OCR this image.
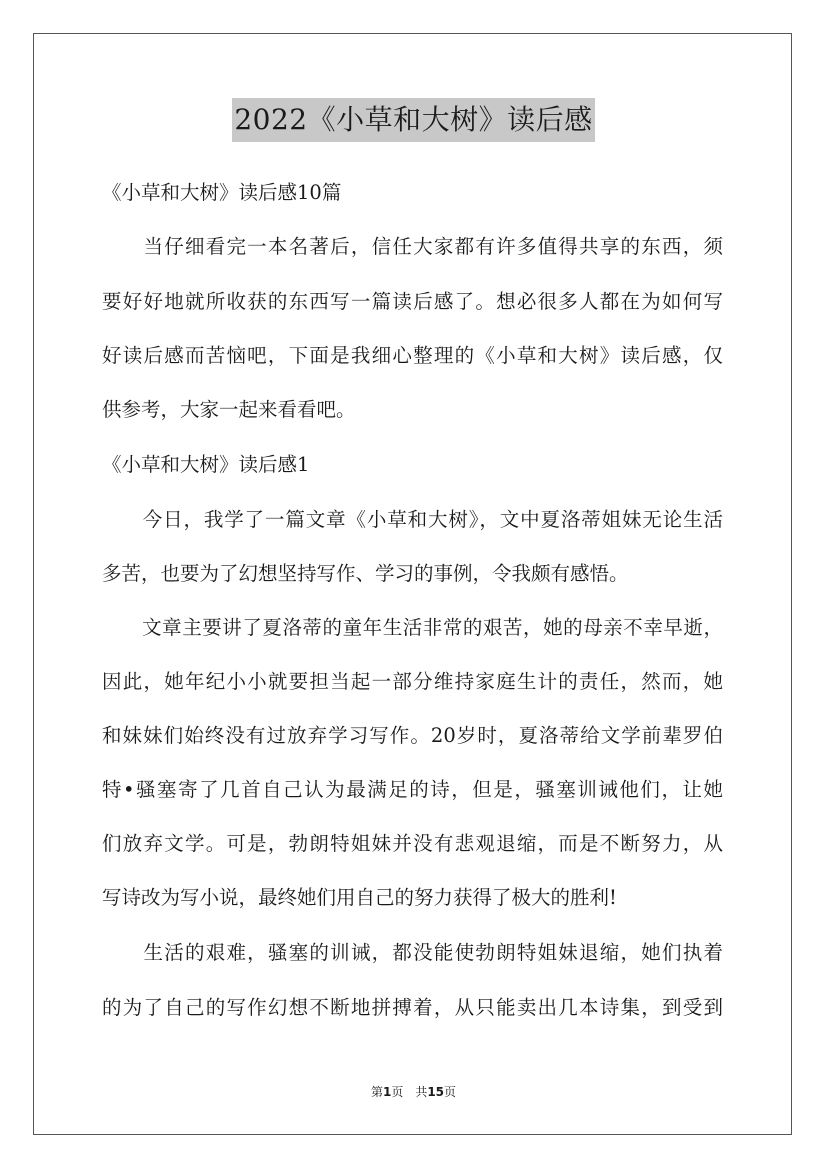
2022《小草和大树》读后感
《小草和大树》读后感10篇
　　当仔细看完一本名著后，信任大家都有许多值得共享的东西，须
要好好地就所收获的东西写一篇读后感了。想必很多人都在为如何写
好读后感而苦恼吧，下面是我细心整理的《小草和大树》读后感，仅
供参考，大家一起来看看吧。
《小草和大树》读后感1
　　今日，我学了一篇文章《小草和大树》，文中夏洛蒂姐妹无论生活
多苦，也要为了幻想坚持写作、学习的事例，令我颇有感悟。
　　文章主要讲了夏洛蒂的童年生活非常的艰苦，她的母亲不幸早逝，
因此，她年纪小小就要担当起一部分维持家庭生计的责任，然而，她
和妹妹们始终没有过放弃学习写作。20岁时，夏洛蒂给文学前辈罗伯
特•骚塞寄了几首自己认为最满足的诗，但是，骚塞训诫他们，让她
们放弃文学。可是，勃朗特姐妹并没有悲观退缩，而是不断努力，从
写诗改为写小说，最终她们用自己的努力获得了极大的胜利!
　　生活的艰难，骚塞的训诫，都没能使勃朗特姐妹退缩，她们执着
的为了自己的写作幻想不断地拼搏着，从只能卖出几本诗集，到受到
第1页　共15页
